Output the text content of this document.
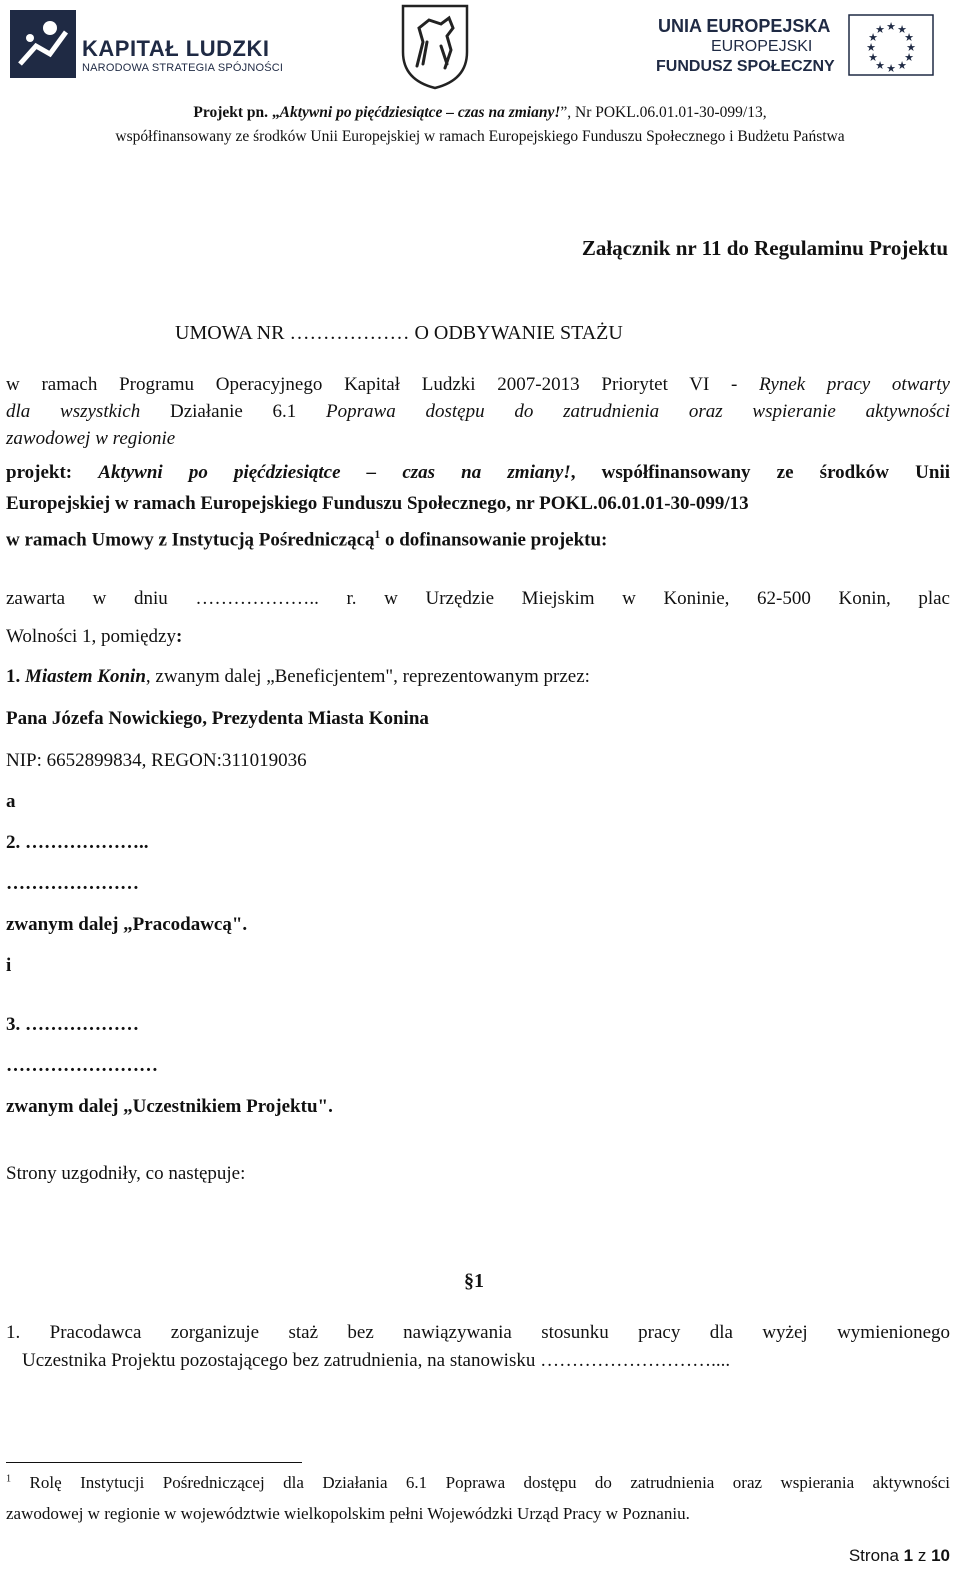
KAPITAŁ LUDZKI
NARODOWA STRATEGIA SPÓJNOŚCI
UNIA EUROPEJSKA
EUROPEJSKI
FUNDUSZ SPOŁECZNY
★ ★
★
★
★
★
★
★
★
★
★
★
Projekt pn. „Aktywni po pięćdziesiątce – czas na zmiany!”, Nr POKL.06.01.01-30-099/13,
współfinansowany ze środków Unii Europejskiej w ramach Europejskiego Funduszu Społecznego i Budżetu Państwa
Załącznik nr 11 do Regulaminu Projektu
UMOWA NR ……………… O ODBYWANIE STAŻU
w ramach Programu Operacyjnego Kapitał Ludzki 2007-2013 Priorytet VI - Rynek pracy otwarty
dla wszystkich Działanie 6.1 Poprawa dostępu do zatrudnienia oraz wspieranie aktywności
zawodowej w regionie
projekt: Aktywni po pięćdziesiątce – czas na zmiany!, współfinansowany ze środków Unii
Europejskiej w ramach Europejskiego Funduszu Społecznego, nr POKL.06.01.01-30-099/13
w ramach Umowy z Instytucją Pośredniczącą$^1$ o dofinansowanie projektu:
zawarta w dniu ……………….. r. w Urzędzie Miejskim w Koninie, 62-500 Konin, plac
Wolności 1, pomiędzy:
1. Miastem Konin, zwanym dalej „Beneficjentem", reprezentowanym przez:
Pana Józefa Nowickiego, Prezydenta Miasta Konina
NIP: 6652899834, REGON:311019036
a
2. ………………..
…………………
zwanym dalej „Pracodawcą".
i
3. ………………
……………………
zwanym dalej „Uczestnikiem Projektu".
Strony uzgodniły, co następuje:
§1
1. Pracodawca zorganizuje staż bez nawiązywania stosunku pracy dla wyżej wymienionego
Uczestnika Projektu pozostającego bez zatrudnienia, na stanowisku ………………………....
$^1$ Rolę Instytucji Pośredniczącej dla Działania 6.1 Poprawa dostępu do zatrudnienia oraz wspierania aktywności
zawodowej w regionie w województwie wielkopolskim pełni Wojewódzki Urząd Pracy w Poznaniu.
Strona 1 z 10
